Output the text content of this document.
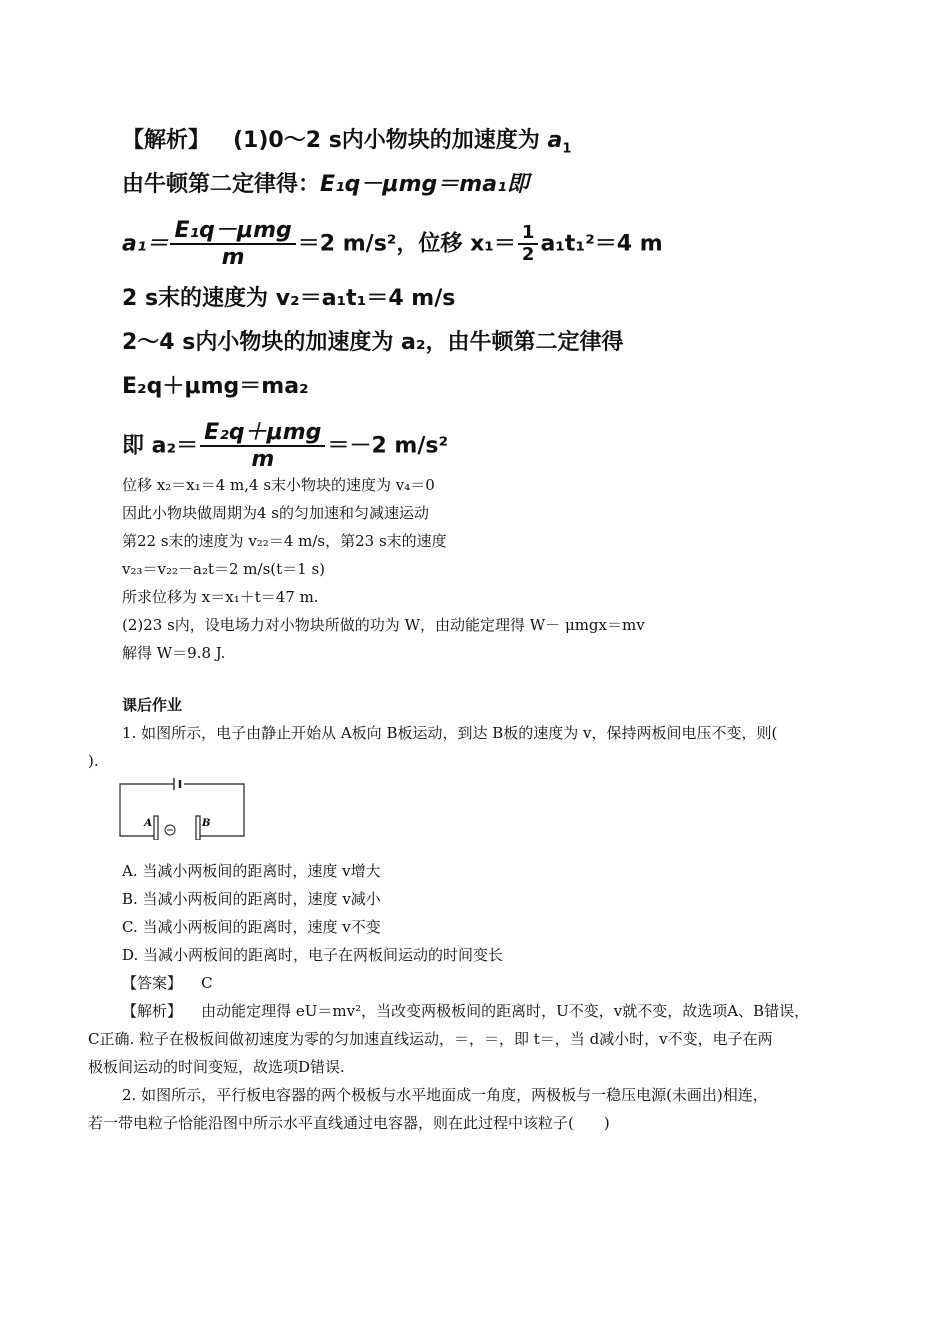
【解析】 (1)0～2 s内小物块的加速度为 $a_1$
由牛顿第二定律得：E₁q－μmg＝ma₁即
$a_1= \frac{\text{E₁q－μmg}}{m} =2$ m/s²，位移 $x_1= \frac{1}{2} a_1t_1^2=4$ m
2 s末的速度为 v₂＝a₁t₁＝4 m/s
2～4 s内小物块的加速度为 a₂，由牛顿第二定律得
E₂q＋μmg＝ma₂
即 $a_2= \frac{\text{E₂q＋μmg}}{m} =-2$ m/s²
位移 x₂＝x₁＝4 m,4 s末小物块的速度为 v₄＝0
因此小物块做周期为4 s的匀加速和匀减速运动
第22 s末的速度为 v₂₂＝4 m/s，第23 s末的速度
v₂₃＝v₂₂－a₂t＝2 m/s(t＝1 s)
所求位移为 x＝x₁＋t＝47 m.
(2)23 s内，设电场力对小物块所做的功为 W，由动能定理得 W－ μmgx＝mv
解得 W＝9.8 J.
课后作业
1. 如图所示，电子由静止开始从 A板向 B板运动，到达 B板的速度为 v，保持两板间电压不变，则(
).
A	B
A. 当减小两板间的距离时，速度 v增大
B. 当减小两板间的距离时，速度 v减小
C. 当减小两板间的距离时，速度 v不变
D. 当减小两板间的距离时，电子在两板间运动的时间变长
【答案】 C
【解析】 由动能定理得 eU＝mv²，当改变两极板间的距离时，U不变，v就不变，故选项A、B错误，
C正确. 粒子在极板间做初速度为零的匀加速直线运动，＝，＝，即 t＝，当 d减小时，v不变，电子在两
极板间运动的时间变短，故选项D错误.
2. 如图所示，平行板电容器的两个极板与水平地面成一角度，两极板与一稳压电源(未画出)相连，
若一带电粒子恰能沿图中所示水平直线通过电容器，则在此过程中该粒子(　　)
